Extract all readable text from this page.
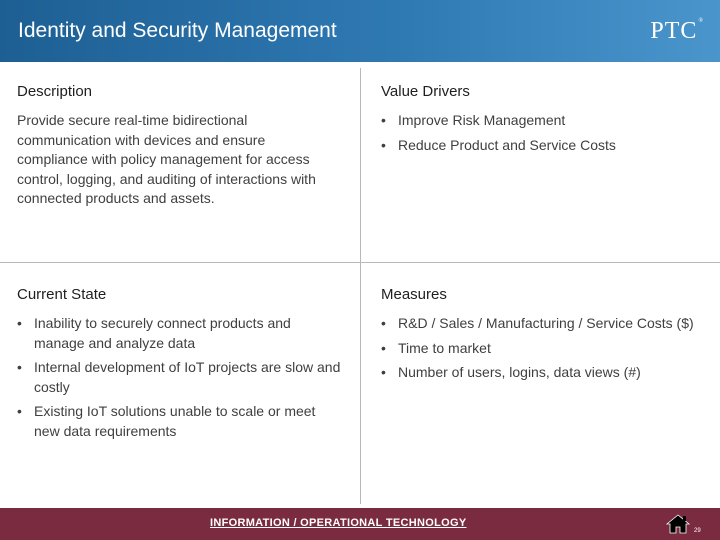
Identity and Security Management	PTC®
Description

Provide secure real-time bidirectional communication with devices and ensure compliance with policy management for access control, logging, and auditing of interactions with connected products and assets.

Value Drivers
• Improve Risk Management
• Reduce Product and Service Costs
Current State
• Inability to securely connect products and manage and analyze data
• Internal development of IoT projects are slow and costly
• Existing IoT solutions unable to scale or meet new data requirements
Measures
• R&D / Sales / Manufacturing / Service Costs ($)
• Time to market
• Number of users, logins, data views (#)
INFORMATION / OPERATIONAL TECHNOLOGY
29
